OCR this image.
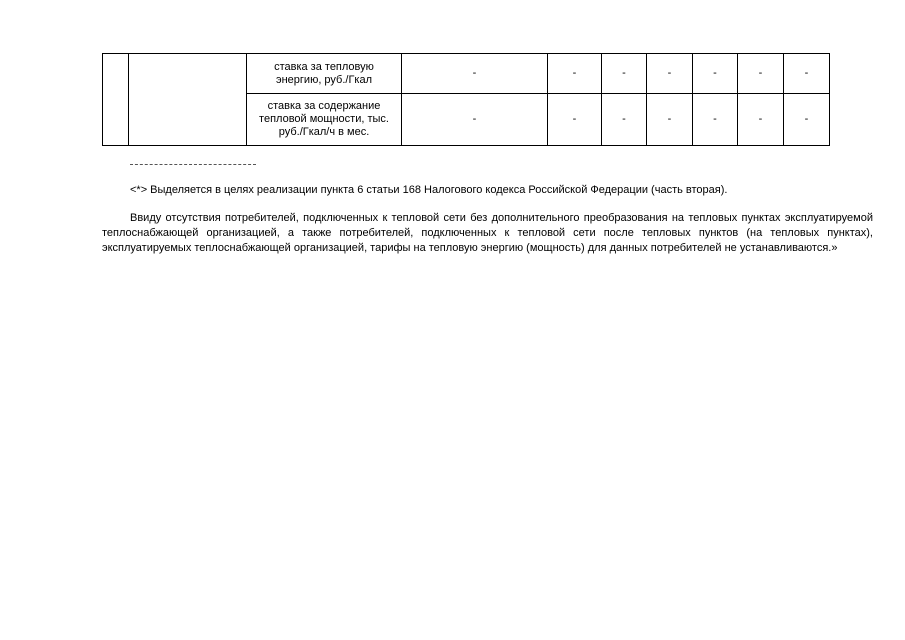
		ставка за тепловую энергию, руб./Гкал	-	-	-	-	-	-	-
		ставка за содержание тепловой мощности, тыс. руб./Гкал/ч в мес.	-	-	-	-	-	-	-
<*> Выделяется в целях реализации пункта 6 статьи 168 Налогового кодекса Российской Федерации (часть вторая).

Ввиду отсутствия потребителей, подключенных к тепловой сети без дополнительного преобразования на тепловых пунктах эксплуатируемой теплоснабжающей организацией, а также потребителей, подключенных к тепловой сети после тепловых пунктов (на тепловых пунктах), эксплуатируемых теплоснабжающей организацией, тарифы на тепловую энергию (мощность) для данных потребителей не устанавливаются.»
